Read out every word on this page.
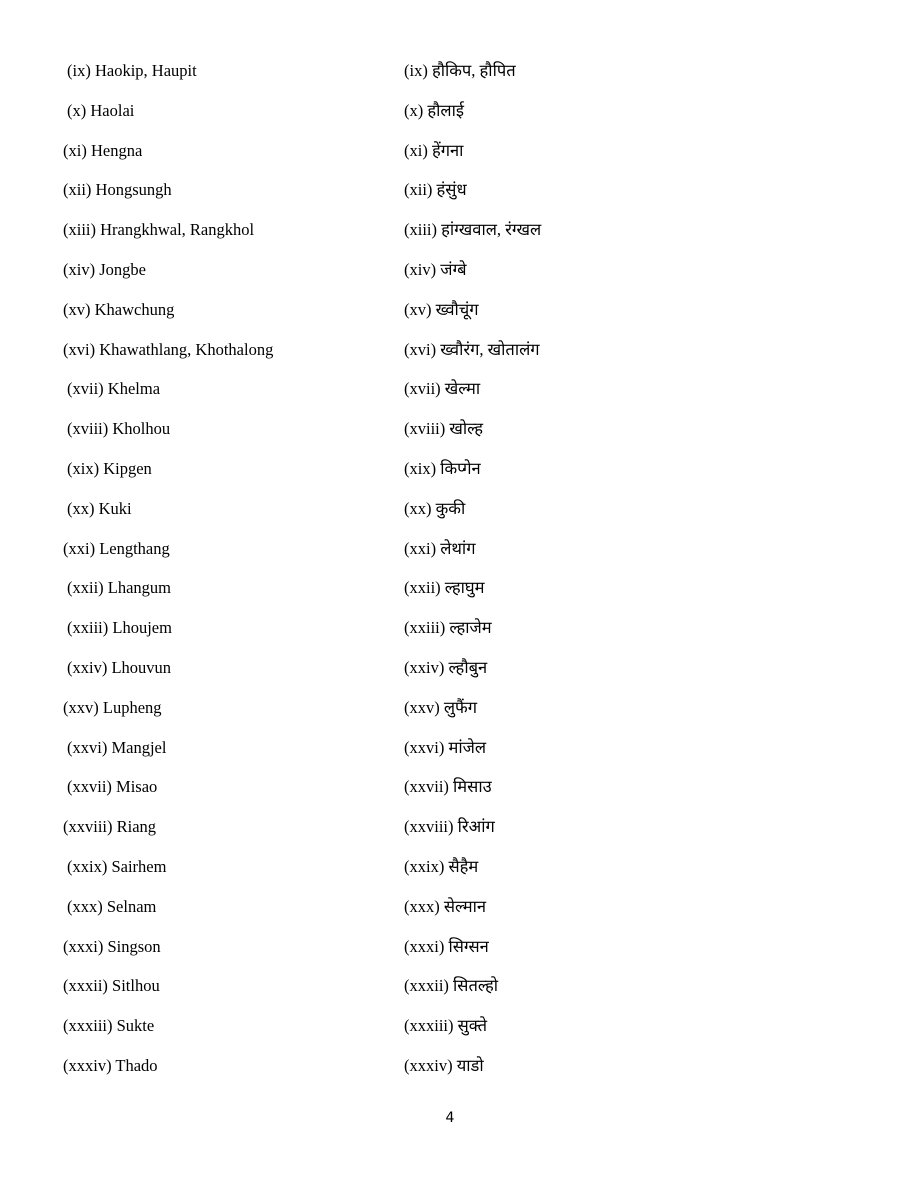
(ix) Haokip, Haupit	(ix) हौकिप, हौपित
(x) Haolai	(x) हौलाई
(xi) Hengna	(xi) हेंगना
(xii) Hongsungh	(xii) हंसुंध
(xiii) Hrangkhwal, Rangkhol	(xiii) हांग्खवाल, रंग्खल
(xiv) Jongbe	(xiv) जंग्बे
(xv) Khawchung	(xv) ख्वौचूंग
(xvi) Khawathlang, Khothalong	(xvi) ख्वौरंग, खोतालंग
(xvii) Khelma	(xvii) खेल्मा
(xviii) Kholhou	(xviii) खोल्ह
(xix) Kipgen	(xix) किप्गेन
(xx) Kuki	(xx) कुकी
(xxi) Lengthang	(xxi) लेथांग
(xxii) Lhangum	(xxii) ल्हाघुम
(xxiii) Lhoujem	(xxiii) ल्हाजेम
(xxiv) Lhouvun	(xxiv) ल्हौबुन
(xxv) Lupheng	(xxv) लुफैंग
(xxvi) Mangjel	(xxvi) मांजेल
(xxvii) Misao	(xxvii) मिसाउ
(xxviii) Riang	(xxviii) रिआंग
(xxix) Sairhem	(xxix) सैहैम
(xxx) Selnam	(xxx) सेल्मान
(xxxi) Singson	(xxxi) सिग्सन
(xxxii) Sitlhou	(xxxii) सितल्हो
(xxxiii) Sukte	(xxxiii) सुक्ते
(xxxiv) Thado	(xxxiv) याडो
4
